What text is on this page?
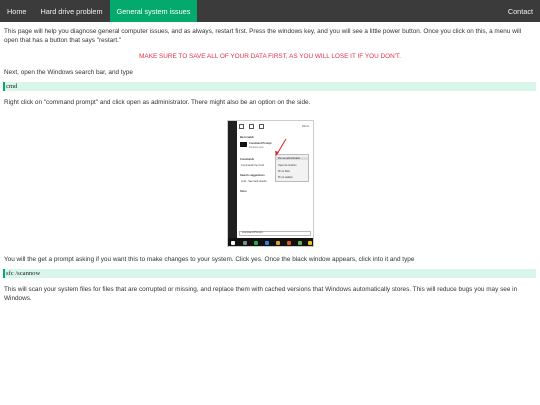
Home	Hard drive problem	General system issues	Contact

This page will help you diagnose general computer issues, and as always, restart first. Press the windows key, and you will see a little power button. Once you click on this, a menu will open that has a button that says "restart."

MAKE SURE TO SAVE ALL OF YOUR DATA FIRST, AS YOU WILL LOSE IT IF YOU DON'T.

Next, open the Windows search bar, and type

cmd

Right click on "command prompt" and click open as administrator. There might also be an option on the side.

Filters
Best match
Command Prompt
Desktop app
Commands
Command line Cmd
Search suggestions
cmd - See web results
Store
Run as administrator
Open file location
Pin to Start
Pin to taskbar
command Prompt

You will the get a prompt asking if you want this to make changes to your system. Click yes. Once the black window appears, click into it and type

sfc /scannow

This will scan your system files for files that are corrupted or missing, and replace them with cached versions that Windows automatically stores. This will reduce bugs you may see in Windows.
